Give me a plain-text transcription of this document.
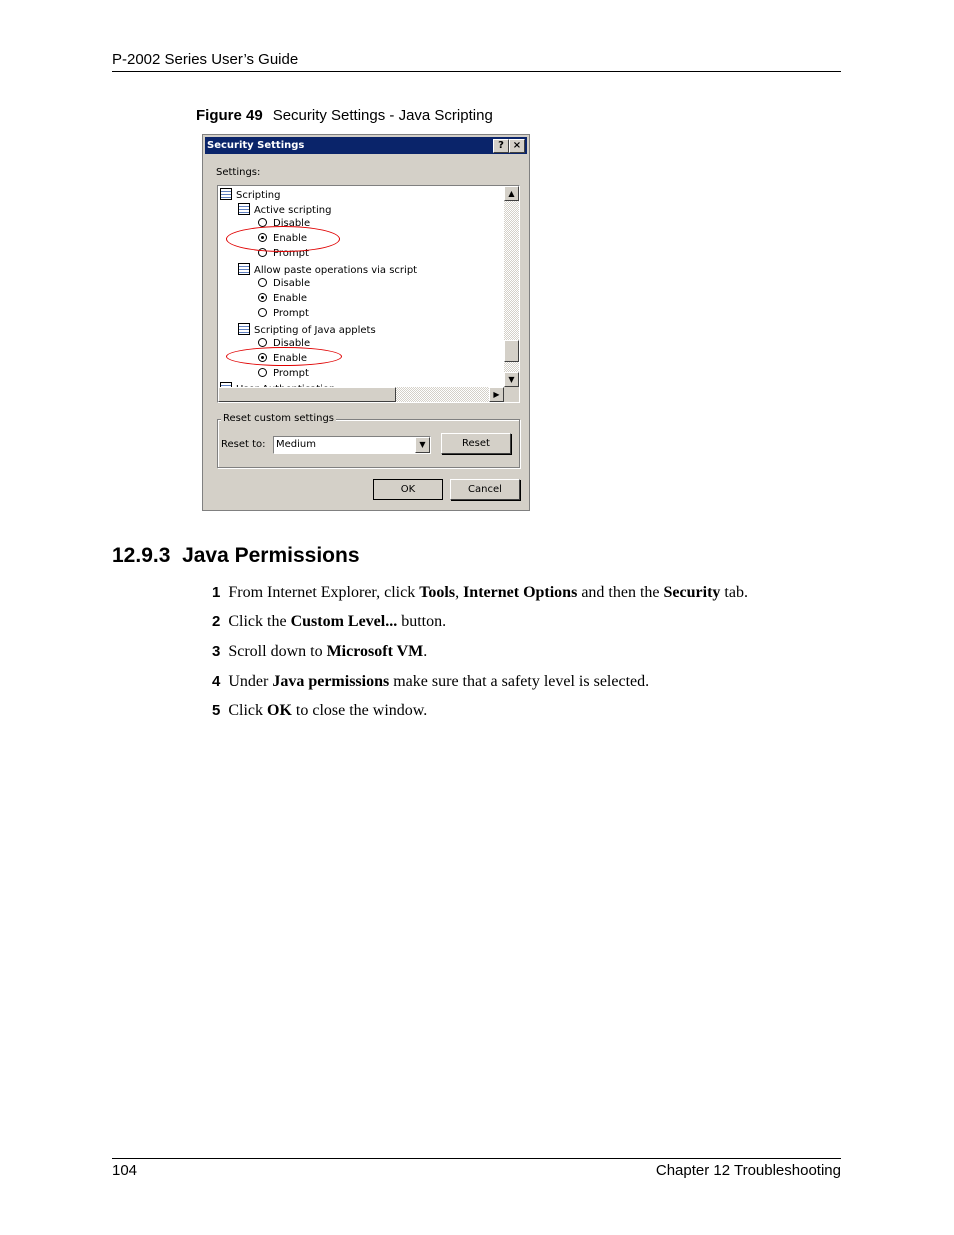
P-2002 Series User’s Guide
Figure 49 Security Settings - Java Scripting
Security Settings	? ×
Settings:
Scripting
Active scripting
Disable
Enable
Prompt
Allow paste operations via script
Disable
Enable
Prompt
Scripting of Java applets
Disable
Enable
Prompt
▲
▼
▶
Reset custom settings
Reset to:	Medium	▼	Reset
OK	Cancel
12.9.3 Java Permissions
1 From Internet Explorer, click Tools, Internet Options and then the Security tab.
2 Click the Custom Level... button.
3 Scroll down to Microsoft VM.
4 Under Java permissions make sure that a safety level is selected.
5 Click OK to close the window.
104	Chapter 12 Troubleshooting
